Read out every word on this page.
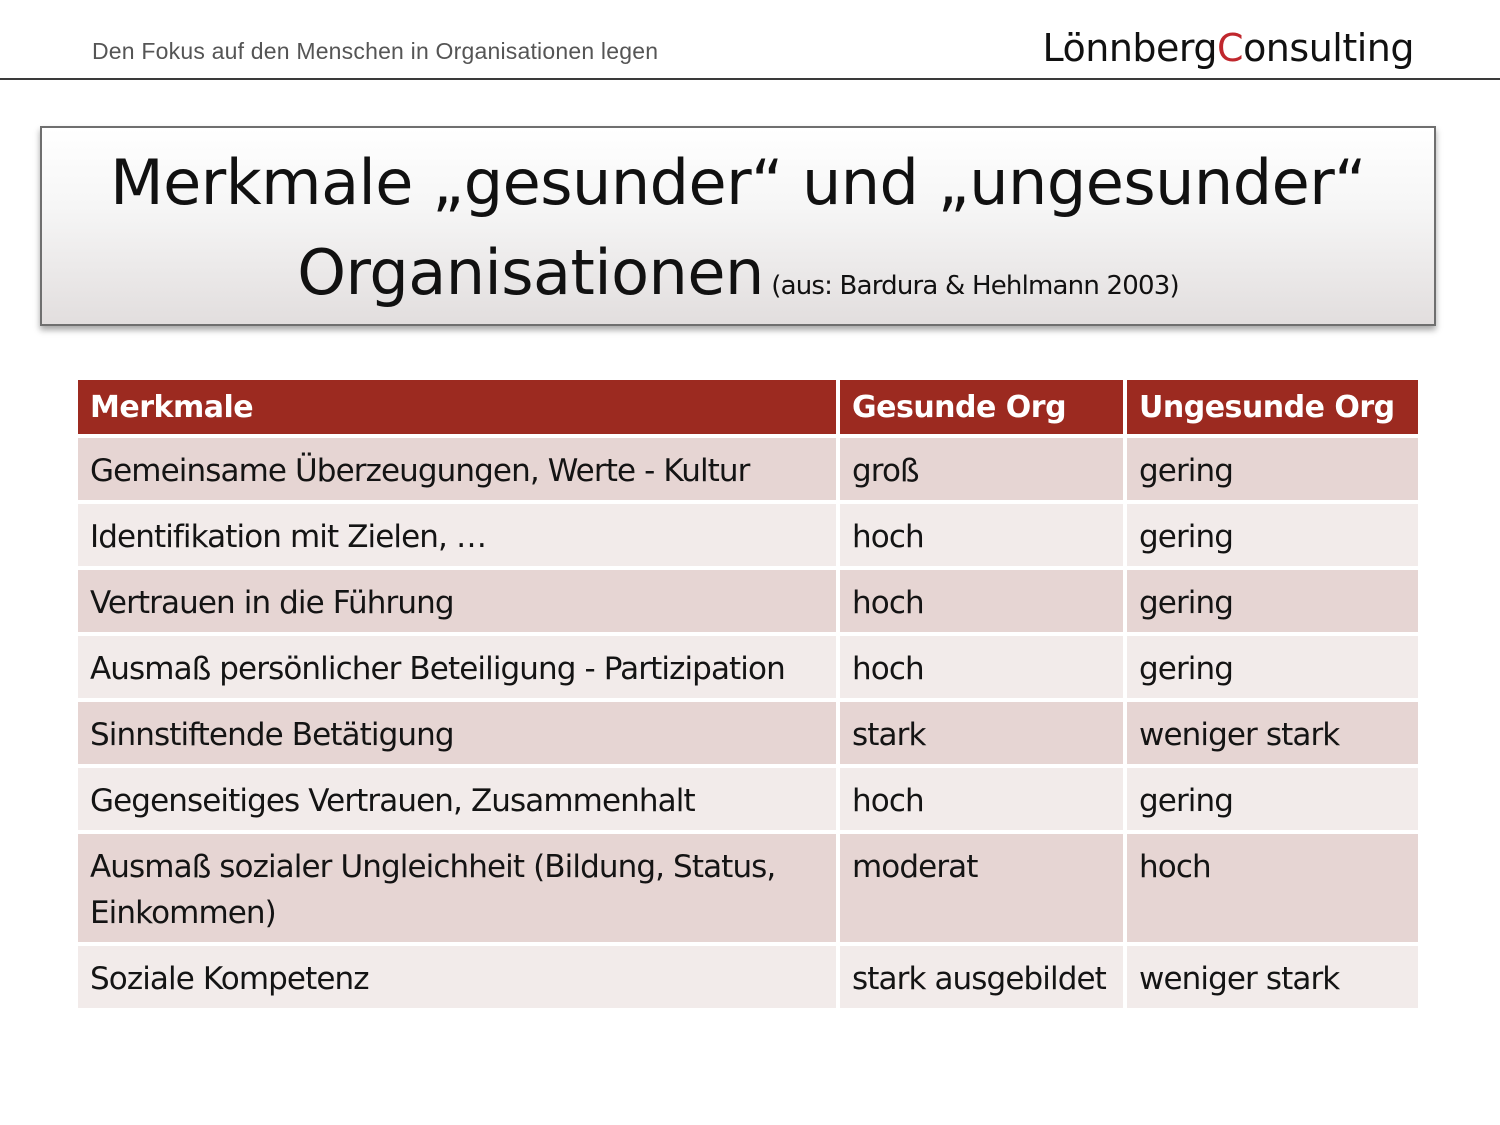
Den Fokus auf den Menschen in Organisationen legen	LönnbergConsulting
Merkmale „gesunder“ und „ungesunder“
Organisationen (aus: Bardura & Hehlmann 2003)
Merkmale	Gesunde Org	Ungesunde Org
Gemeinsame Überzeugungen, Werte - Kultur	groß	gering
Identifikation mit Zielen, …	hoch	gering
Vertrauen in die Führung	hoch	gering
Ausmaß persönlicher Beteiligung - Partizipation	hoch	gering
Sinnstiftende Betätigung	stark	weniger stark
Gegenseitiges Vertrauen, Zusammenhalt	hoch	gering
Ausmaß sozialer Ungleichheit (Bildung, Status, Einkommen)	moderat	hoch
Soziale Kompetenz	stark ausgebildet	weniger stark
